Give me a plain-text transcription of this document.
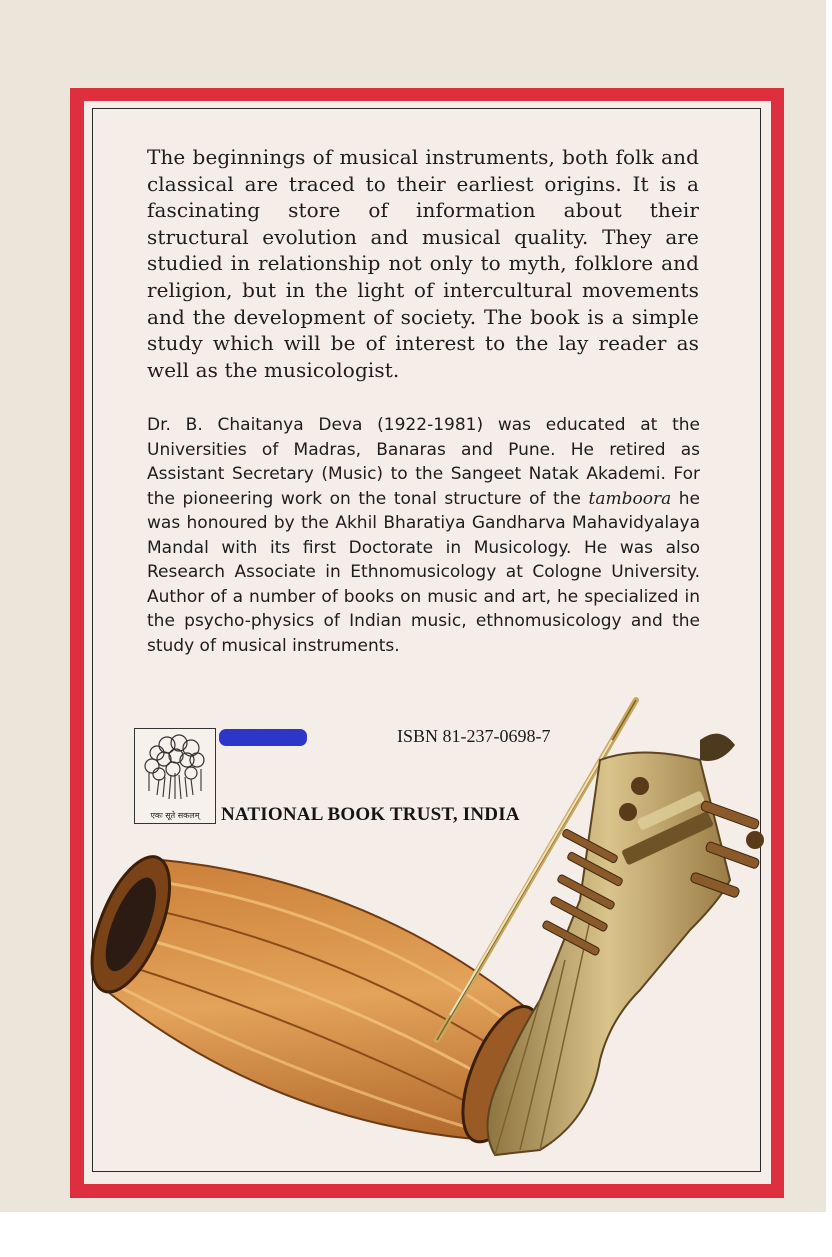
The beginnings of musical instruments, both folk and classical are traced to their earliest origins. It is a fascinating store of information about their structural evolution and musical quality. They are studied in relationship not only to myth, folklore and religion, but in the light of intercultural movements and the development of society. The book is a simple study which will be of interest to the lay reader as well as the musicologist.

Dr. B. Chaitanya Deva (1922-1981) was educated at the Universities of Madras, Banaras and Pune. He retired as Assistant Secretary (Music) to the Sangeet Natak Akademi. For the pioneering work on the tonal structure of the tamboora he was honoured by the Akhil Bharatiya Gandharva Mahavidyalaya Mandal with its first Doctorate in Musicology. He was also Research Associate in Ethnomusicology at Cologne University. Author of a number of books on music and art, he specialized in the psycho-physics of Indian music, ethnomusicology and the study of musical instruments.

एकः सूते सकलम्
Rs. 30.00	ISBN 81-237-0698-7
NATIONAL BOOK TRUST, INDIA
